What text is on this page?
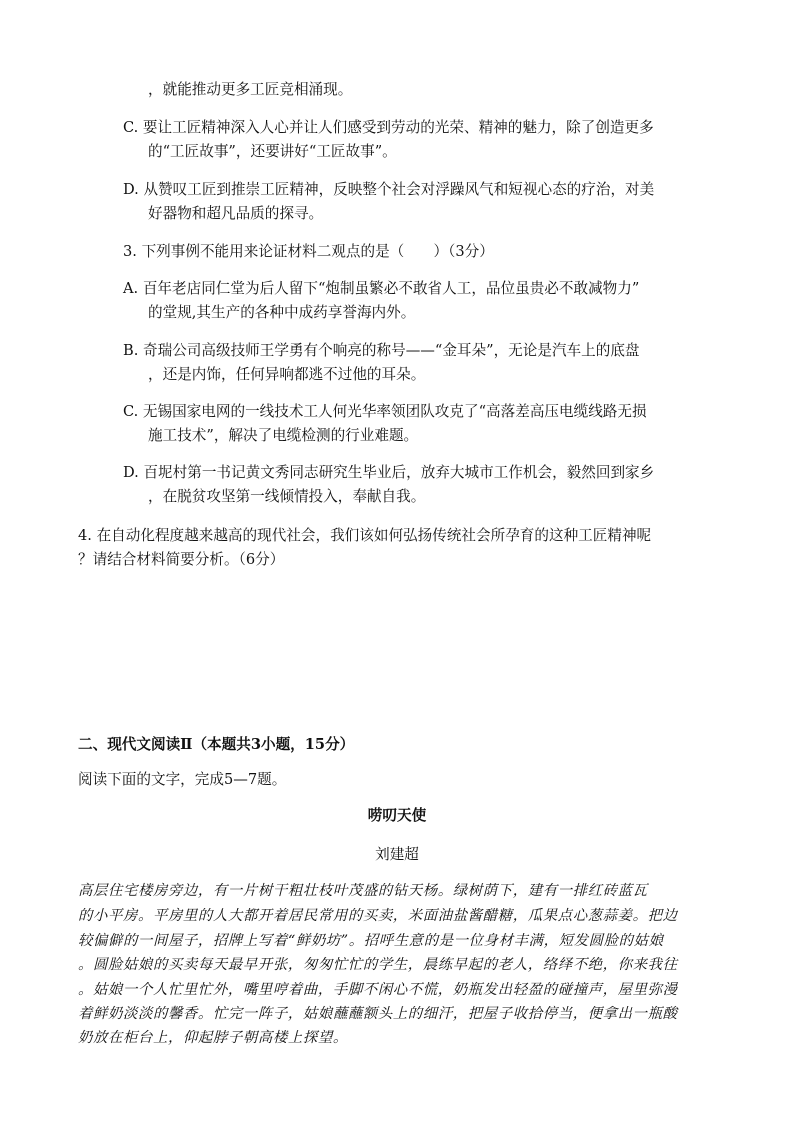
，就能推动更多工匠竞相涌现。
C. 要让工匠精神深入人心并让人们感受到劳动的光荣、精神的魅力，除了创造更多
的“工匠故事”，还要讲好“工匠故事”。
D. 从赞叹工匠到推崇工匠精神，反映整个社会对浮躁风气和短视心态的疗治，对美
好器物和超凡品质的探寻。
3. 下列事例不能用来论证材料二观点的是（　　）（3分）
A. 百年老店同仁堂为后人留下“炮制虽繁必不敢省人工，品位虽贵必不敢减物力”
的堂规,其生产的各种中成药享誉海内外。
B. 奇瑞公司高级技师王学勇有个响亮的称号——“金耳朵”，无论是汽车上的底盘
，还是内饰，任何异响都逃不过他的耳朵。
C. 无锡国家电网的一线技术工人何光华率领团队攻克了“高落差高压电缆线路无损
施工技术”，解决了电缆检测的行业难题。
D. 百坭村第一书记黄文秀同志研究生毕业后，放弃大城市工作机会，毅然回到家乡
，在脱贫攻坚第一线倾情投入，奉献自我。
4. 在自动化程度越来越高的现代社会，我们该如何弘扬传统社会所孕育的这种工匠精神呢
？请结合材料简要分析。（6分）
二、现代文阅读Ⅱ（本题共3小题，15分）
阅读下面的文字，完成5—7题。
唠叨天使
刘建超
高层住宅楼房旁边，有一片树干粗壮枝叶茂盛的钻天杨。绿树荫下，建有一排红砖蓝瓦
的小平房。平房里的人大都开着居民常用的买卖，米面油盐酱醋糖，瓜果点心葱蒜姜。把边
较偏僻的一间屋子，招牌上写着“鲜奶坊”。招呼生意的是一位身材丰满，短发圆脸的姑娘
。圆脸姑娘的买卖每天最早开张，匆匆忙忙的学生，晨练早起的老人，络绎不绝，你来我往
。姑娘一个人忙里忙外，嘴里哼着曲，手脚不闲心不慌，奶瓶发出轻盈的碰撞声，屋里弥漫
着鲜奶淡淡的馨香。忙完一阵子，姑娘蘸蘸额头上的细汗，把屋子收拾停当，便拿出一瓶酸
奶放在柜台上，仰起脖子朝高楼上探望。
